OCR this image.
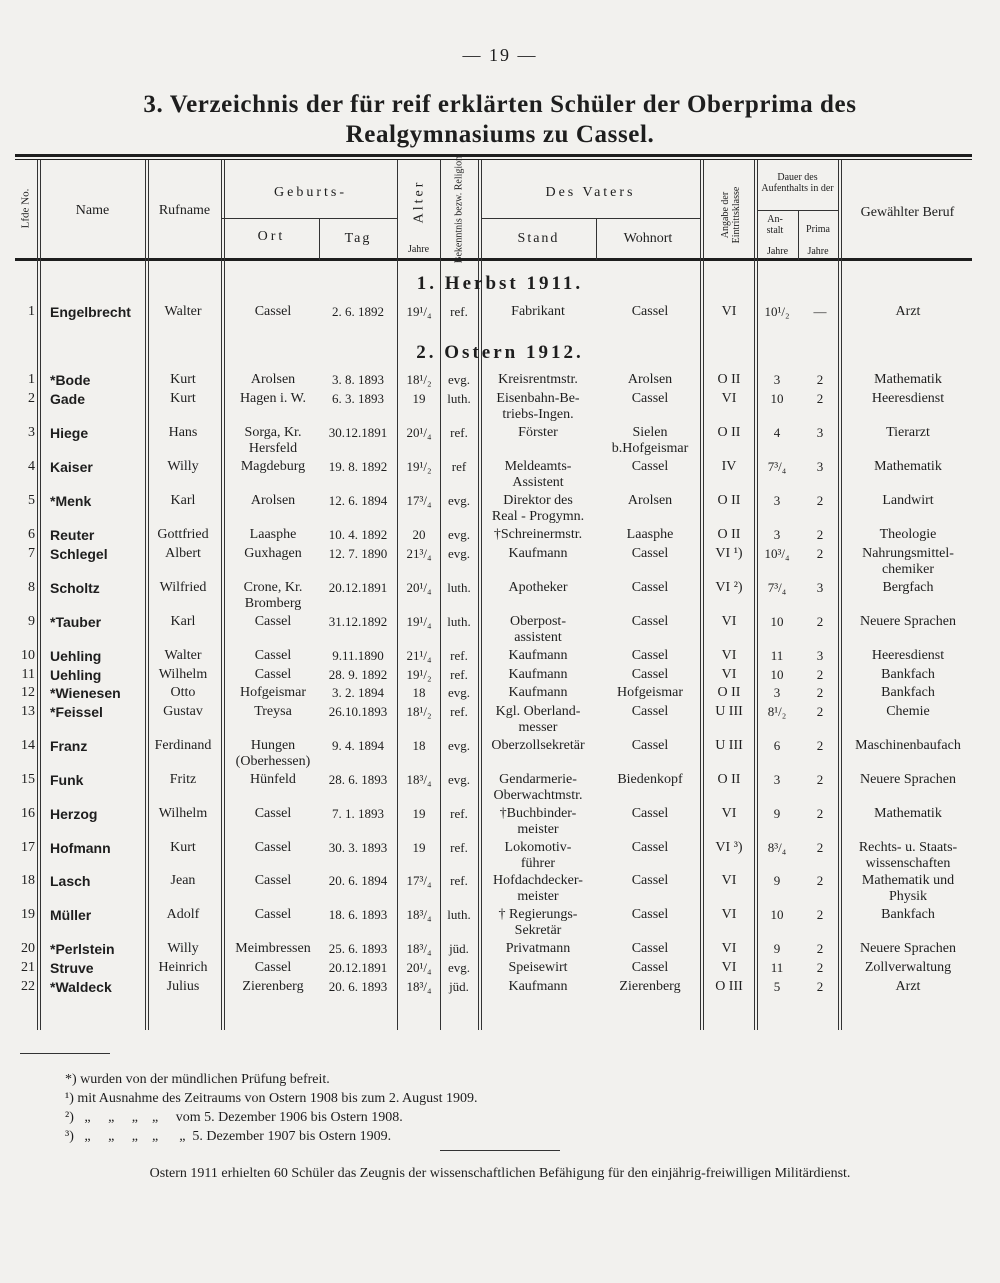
— 19 —
3. Verzeichnis der für reif erklärten Schüler der Oberprima des
Realgymnasiums zu Cassel.
Lfde No.	Name	Rufname
Geburts-
Ort	Tag
Alter
Jahre	Bekenntnis bezw. Religion	Des Vaters
Stand	Wohnort
Angabe der Eintrittsklasse
Dauer des Aufenthalts in der
An- stalt	Prima
Jahre	Jahre
Gewählter Beruf
1. Herbst 1911.
1 Engelbrecht	Walter	Cassel	2. 6. 1892	19¹/₄	ref.	Fabrikant	Cassel	VI	10¹/₂	—	Arzt
2. Ostern 1912.
1 *Bode	Kurt	Arolsen	3. 8. 1893	18¹/₂	evg.	Kreisrentmstr.	Arolsen	O II	3	2	Mathematik
2 Gade	Kurt	Hagen i. W.	6. 3. 1893	19	luth.	Eisenbahn-Be-
triebs-Ingen.
Cassel	VI	10	2	Heeresdienst
3 Hiege	Hans	Sorga, Kr.
Hersfeld
30.12.1891	20¹/₄	ref.	Förster	Sielen
b.Hofgeismar
O II	4	3	Tierarzt
4 Kaiser	Willy	Magdeburg	19. 8. 1892	19¹/₂	ref	Meldeamts-
Assistent
Cassel	IV	7³/₄	3	Mathematik
5 *Menk	Karl	Arolsen	12. 6. 1894	17³/₄	evg.	Direktor des
Real - Progymn.
Arolsen	O II	3	2	Landwirt
6 Reuter	Gottfried	Laasphe	10. 4. 1892	20	evg.	†Schreinermstr.	Laasphe	O II	3	2	Theologie
7 Schlegel	Albert	Guxhagen	12. 7. 1890	21³/₄	evg.	Kaufmann	Cassel	VI ¹)	10³/₄	2	Nahrungsmittel-
chemiker
8 Scholtz	Wilfried	Crone, Kr.
Bromberg
20.12.1891	20¹/₄	luth.	Apotheker	Cassel	VI ²)	7³/₄	3	Bergfach
9 *Tauber	Karl	Cassel	31.12.1892	19¹/₄	luth.	Oberpost-
assistent
Cassel	VI	10	2	Neuere Sprachen
10 Uehling	Walter	Cassel	9.11.1890	21¹/₄	ref.	Kaufmann	Cassel	VI	11	3	Heeresdienst
11 Uehling	Wilhelm	Cassel	28. 9. 1892	19¹/₂	ref.	Kaufmann	Cassel	VI	10	2	Bankfach
12 *Wienesen	Otto	Hofgeismar	3. 2. 1894	18	evg.	Kaufmann	Hofgeismar	O II	3	2	Bankfach
13 *Feissel	Gustav	Treysa	26.10.1893	18¹/₂	ref.	Kgl. Oberland-
messer
Cassel	U III	8¹/₂	2	Chemie
14 Franz	Ferdinand	Hungen
(Oberhessen)
9. 4. 1894	18	evg.	Oberzollsekretär	Cassel	U III	6	2	Maschinenbaufach
15 Funk	Fritz	Hünfeld	28. 6. 1893	18³/₄	evg.	Gendarmerie-
Oberwachtmstr.
Biedenkopf	O II	3	2	Neuere Sprachen
16 Herzog	Wilhelm	Cassel	7. 1. 1893	19	ref.	†Buchbinder-
meister
Cassel	VI	9	2	Mathematik
17 Hofmann	Kurt	Cassel	30. 3. 1893	19	ref.	Lokomotiv-
führer
Cassel	VI ³)	8³/₄	2	Rechts- u. Staats-
wissenschaften
18 Lasch	Jean	Cassel	20. 6. 1894	17³/₄	ref.	Hofdachdecker-
meister
Cassel	VI	9	2	Mathematik und
Physik
19 Müller	Adolf	Cassel	18. 6. 1893	18³/₄	luth.	† Regierungs-
Sekretär
Cassel	VI	10	2	Bankfach
20 *Perlstein	Willy	Meimbressen	25. 6. 1893	18³/₄	jüd.	Privatmann	Cassel	VI	9	2	Neuere Sprachen
21 Struve	Heinrich	Cassel	20.12.1891	20¹/₄	evg.	Speisewirt	Cassel	VI	11	2	Zollverwaltung
22 *Waldeck	Julius	Zierenberg	20. 6. 1893	18³/₄	jüd.	Kaufmann	Zierenberg	O III	5	2	Arzt
*) wurden von der mündlichen Prüfung befreit.
¹) mit Ausnahme des Zeitraums von Ostern 1908 bis zum 2. August 1909.
²)   „     „     „    „     vom 5. Dezember 1906 bis Ostern 1908.
³)   „     „     „    „      „  5. Dezember 1907 bis Ostern 1909.
Ostern 1911 erhielten 60 Schüler das Zeugnis der wissenschaftlichen Befähigung für den einjährig-freiwilligen Militärdienst.
